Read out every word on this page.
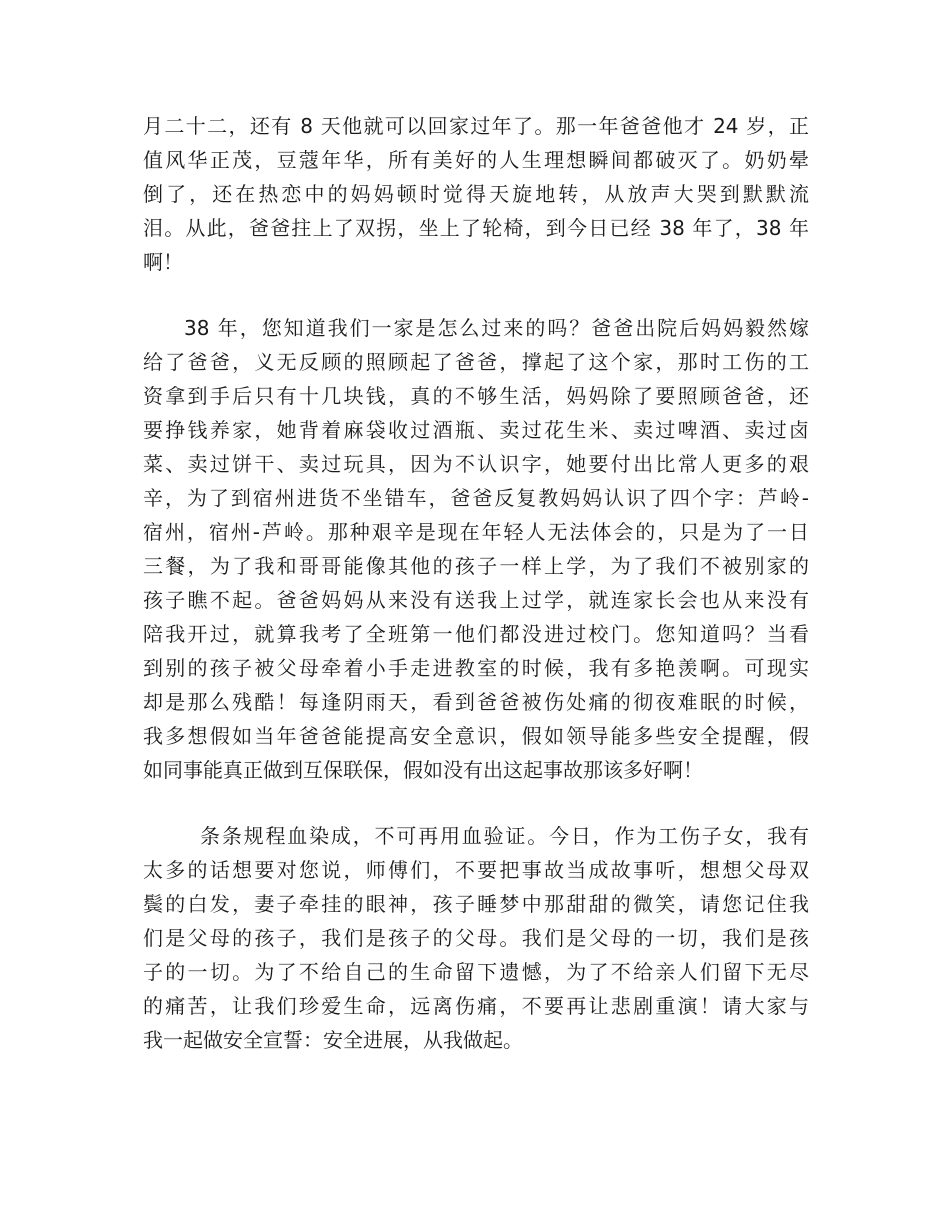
月二十二，还有 8 天他就可以回家过年了。那一年爸爸他才 24 岁，正
值风华正茂，豆蔻年华，所有美好的人生理想瞬间都破灭了。奶奶晕
倒了，还在热恋中的妈妈顿时觉得天旋地转，从放声大哭到默默流
泪。从此，爸爸拄上了双拐，坐上了轮椅，到今日已经 38 年了，38 年
啊！
38 年，您知道我们一家是怎么过来的吗？爸爸出院后妈妈毅然嫁
给了爸爸，义无反顾的照顾起了爸爸，撑起了这个家，那时工伤的工
资拿到手后只有十几块钱，真的不够生活，妈妈除了要照顾爸爸，还
要挣钱养家，她背着麻袋收过酒瓶、卖过花生米、卖过啤酒、卖过卤
菜、卖过饼干、卖过玩具，因为不认识字，她要付出比常人更多的艰
辛，为了到宿州进货不坐错车，爸爸反复教妈妈认识了四个字：芦岭-
宿州，宿州-芦岭。那种艰辛是现在年轻人无法体会的，只是为了一日
三餐，为了我和哥哥能像其他的孩子一样上学，为了我们不被别家的
孩子瞧不起。爸爸妈妈从来没有送我上过学，就连家长会也从来没有
陪我开过，就算我考了全班第一他们都没进过校门。您知道吗？当看
到别的孩子被父母牵着小手走进教室的时候，我有多艳羡啊。可现实
却是那么残酷！每逢阴雨天，看到爸爸被伤处痛的彻夜难眠的时候，
我多想假如当年爸爸能提高安全意识，假如领导能多些安全提醒，假
如同事能真正做到互保联保，假如没有出这起事故那该多好啊！
条条规程血染成，不可再用血验证。今日，作为工伤子女，我有
太多的话想要对您说，师傅们，不要把事故当成故事听，想想父母双
鬓的白发，妻子牵挂的眼神，孩子睡梦中那甜甜的微笑，请您记住我
们是父母的孩子，我们是孩子的父母。我们是父母的一切，我们是孩
子的一切。为了不给自己的生命留下遗憾，为了不给亲人们留下无尽
的痛苦，让我们珍爱生命，远离伤痛，不要再让悲剧重演！请大家与
我一起做安全宣誓：安全进展，从我做起。
